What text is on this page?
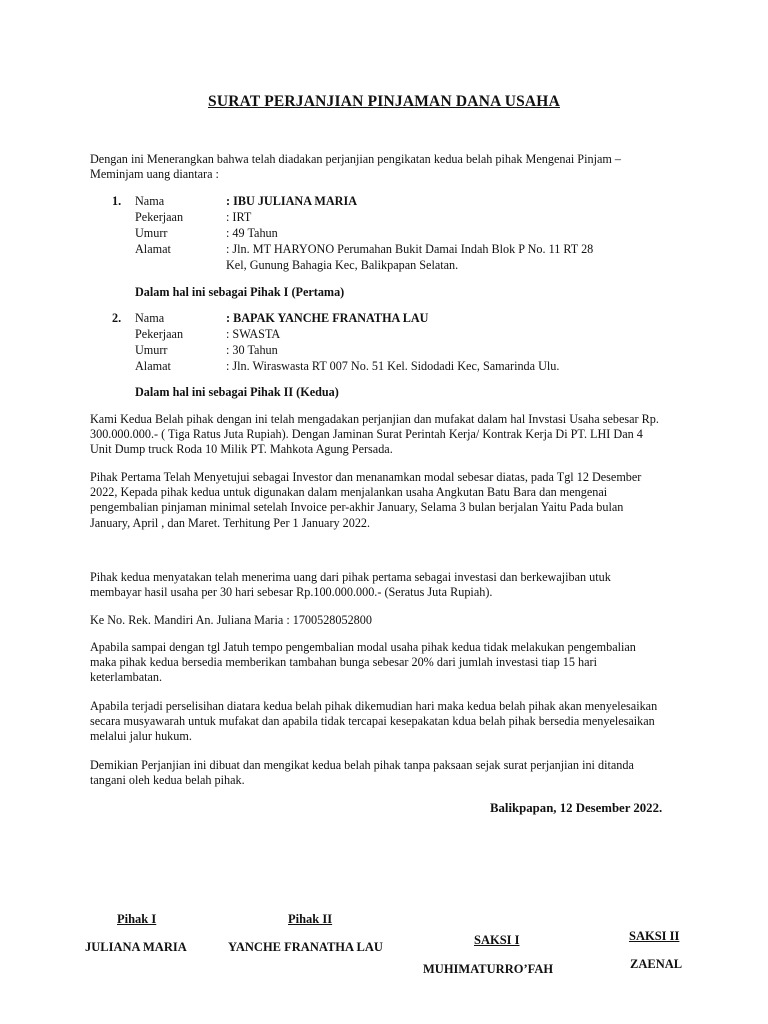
SURAT PERJANJIAN PINJAMAN DANA USAHA
Dengan ini Menerangkan bahwa telah diadakan perjanjian pengikatan kedua belah pihak Mengenai Pinjam – Meminjam uang diantara :
1. Nama	: IBU JULIANA MARIA
Pekerjaan	: IRT
Umurr	: 49 Tahun
Alamat	: Jln. MT HARYONO Perumahan Bukit Damai Indah Blok P No. 11 RT 28
Kel, Gunung Bahagia Kec, Balikpapan Selatan.
Dalam hal ini sebagai Pihak I (Pertama)
2. Nama	: BAPAK YANCHE FRANATHA LAU
Pekerjaan	: SWASTA
Umurr	: 30 Tahun
Alamat	: Jln. Wiraswasta RT 007 No. 51 Kel. Sidodadi Kec, Samarinda Ulu.
Dalam hal ini sebagai Pihak II (Kedua)
Kami Kedua Belah pihak dengan ini telah mengadakan perjanjian dan mufakat dalam hal Invstasi Usaha sebesar Rp. 300.000.000.- ( Tiga Ratus Juta Rupiah). Dengan Jaminan Surat Perintah Kerja/ Kontrak Kerja Di PT. LHI Dan 4 Unit Dump truck Roda 10 Milik PT. Mahkota Agung Persada.
Pihak Pertama Telah Menyetujui sebagai Investor dan menanamkan modal sebesar diatas, pada Tgl 12 Desember 2022, Kepada pihak kedua untuk digunakan dalam menjalankan usaha Angkutan Batu Bara dan mengenai pengembalian pinjaman minimal setelah Invoice per-akhir January, Selama 3 bulan berjalan Yaitu Pada bulan January, April , dan Maret. Terhitung Per 1 January 2022.
Pihak kedua menyatakan telah menerima uang dari pihak pertama sebagai investasi dan berkewajiban utuk membayar hasil usaha per 30 hari sebesar Rp.100.000.000.- (Seratus Juta Rupiah).
Ke No. Rek. Mandiri An. Juliana Maria : 1700528052800
Apabila sampai dengan tgl Jatuh tempo pengembalian modal usaha pihak kedua tidak melakukan pengembalian maka pihak kedua bersedia memberikan tambahan bunga sebesar 20% dari jumlah investasi tiap 15 hari keterlambatan.
Apabila terjadi perselisihan diatara kedua belah pihak dikemudian hari maka kedua belah pihak akan menyelesaikan secara musyawarah untuk mufakat dan apabila tidak tercapai kesepakatan kdua belah pihak bersedia menyelesaikan melalui jalur hukum.
Demikian Perjanjian ini dibuat dan mengikat kedua belah pihak tanpa paksaan sejak surat perjanjian ini ditanda tangani oleh kedua belah pihak.
Balikpapan, 12 Desember 2022.
Pihak I
JULIANA MARIA
Pihak II
YANCHE FRANATHA LAU	SAKSI I
MUHIMATURRO’FAH
SAKSI II
ZAENAL
